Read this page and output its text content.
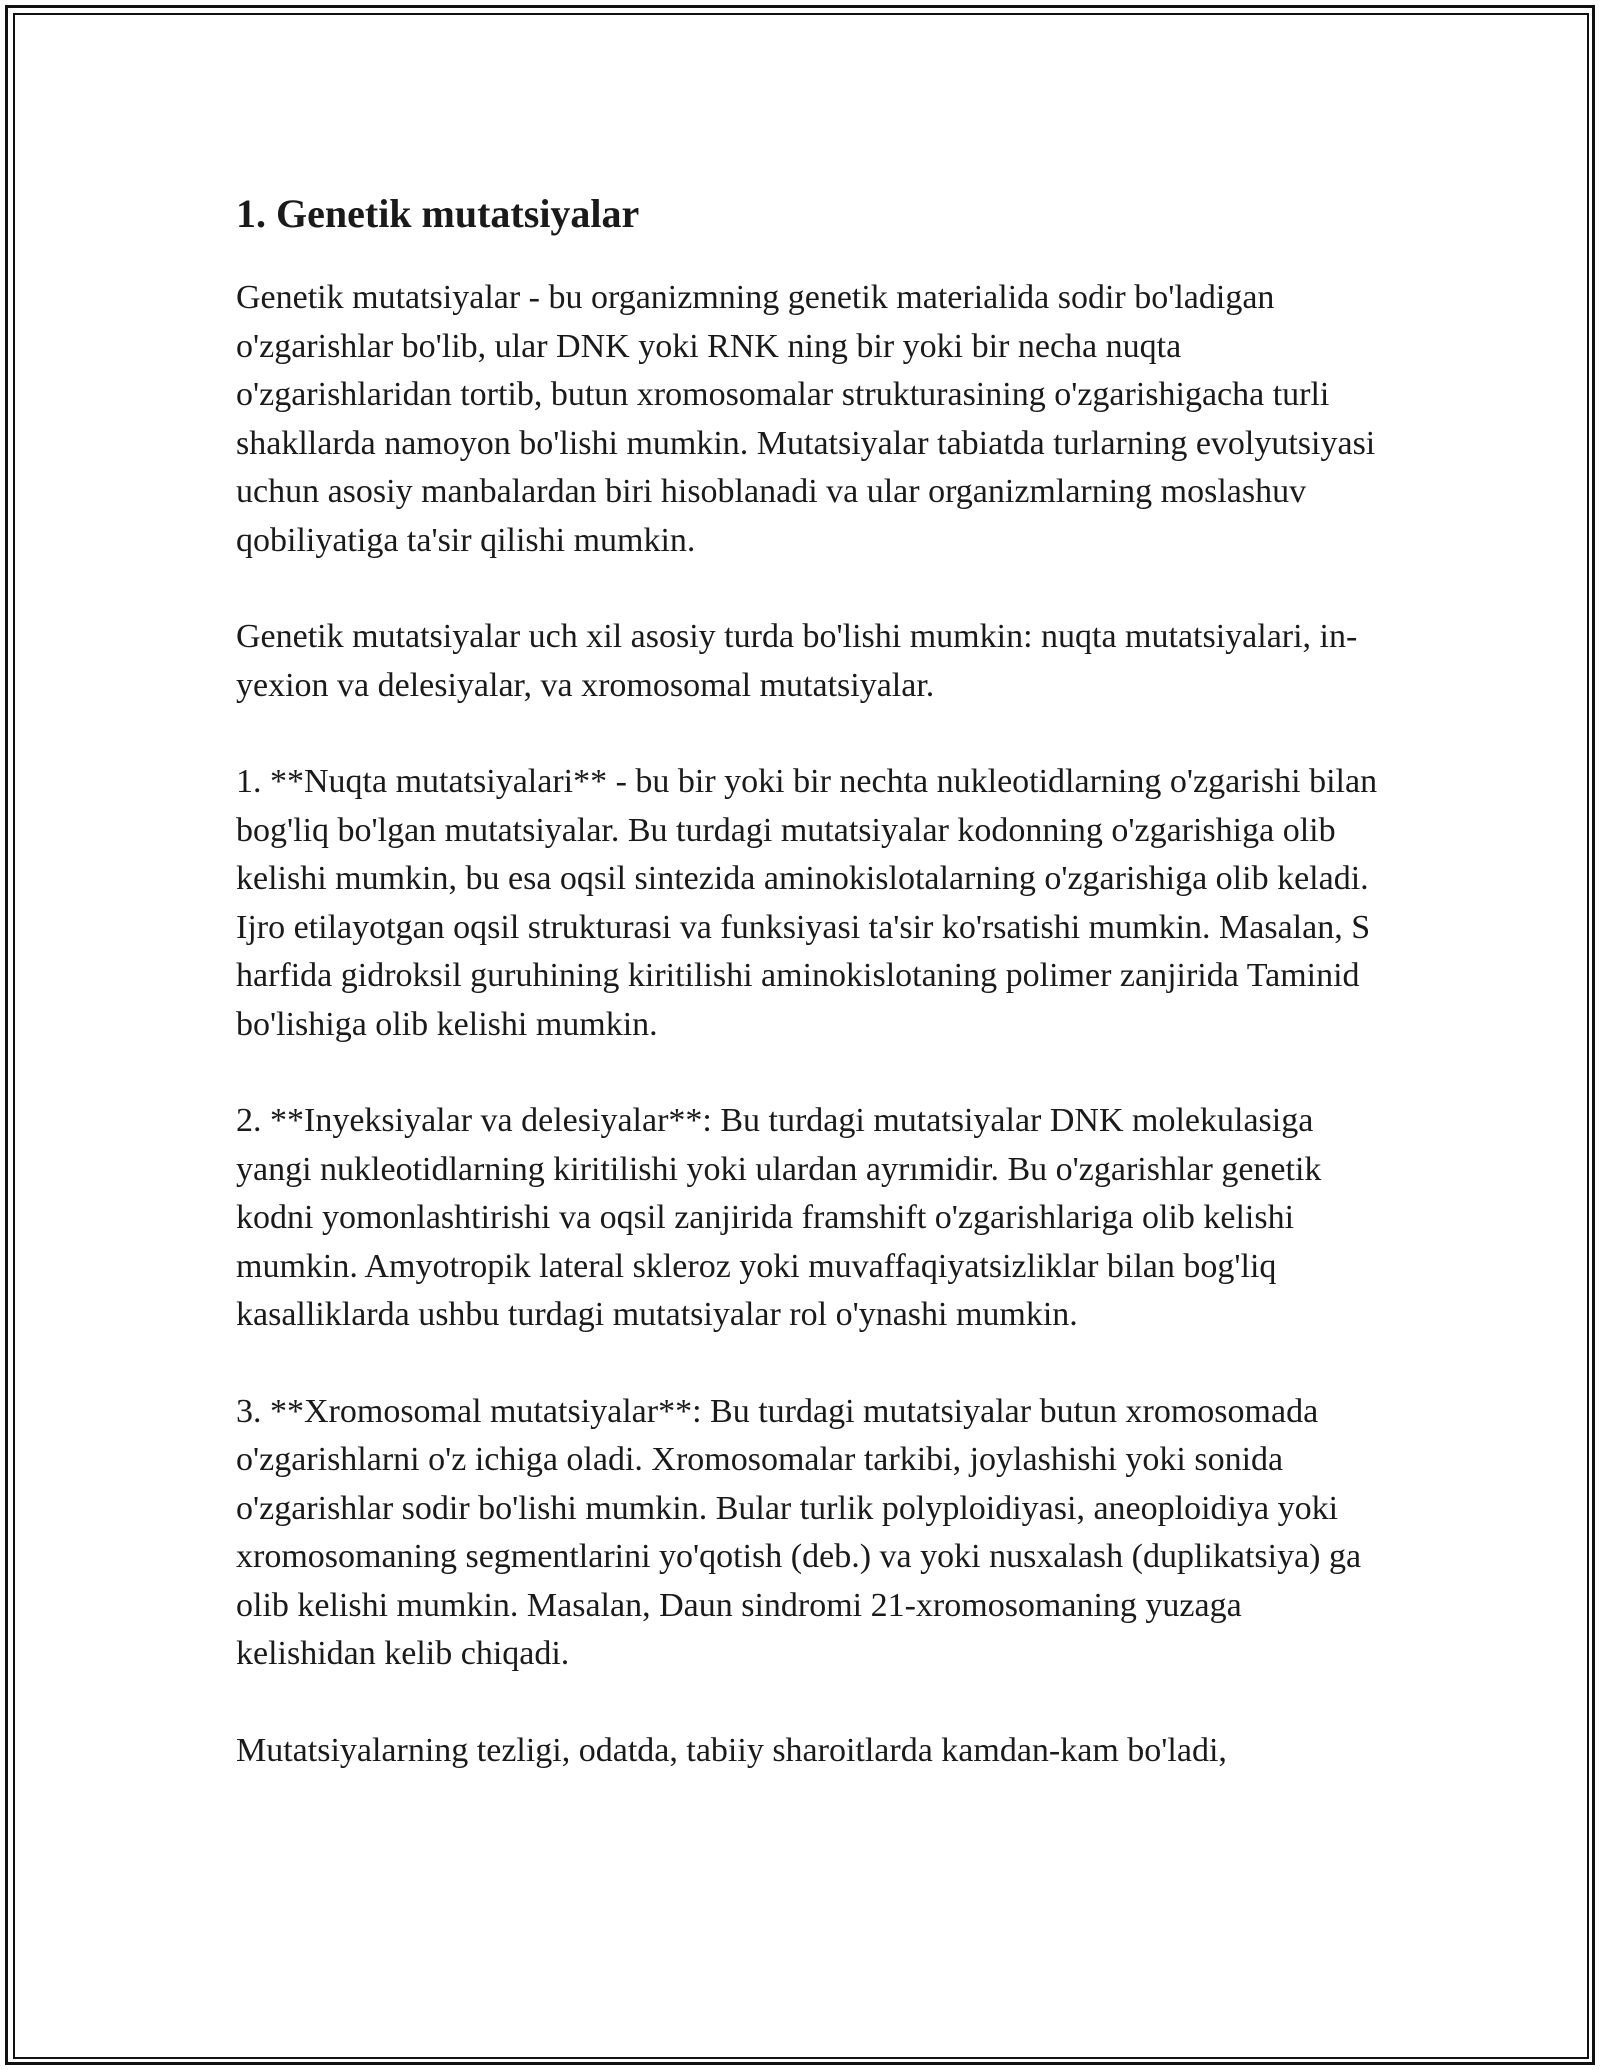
1. Genetik mutatsiyalar

Genetik mutatsiyalar - bu organizmning genetik materialida sodir bo'ladigan o'zgarishlar bo'lib, ular DNK yoki RNK ning bir yoki bir necha nuqta o'zgarishlaridan tortib, butun xromosomalar strukturasining o'zgarishigacha turli shakllarda namoyon bo'lishi mumkin. Mutatsiyalar tabiatda turlarning evolyutsiyasi uchun asosiy manbalardan biri hisoblanadi va ular organizmlarning moslashuv qobiliyatiga ta'sir qilishi mumkin.

Genetik mutatsiyalar uch xil asosiy turda bo'lishi mumkin: nuqta mutatsiyalari, in-yexion va delesiyalar, va xromosomal mutatsiyalar.

1. **Nuqta mutatsiyalari** - bu bir yoki bir nechta nukleotidlarning o'zgarishi bilan bog'liq bo'lgan mutatsiyalar. Bu turdagi mutatsiyalar kodonning o'zgarishiga olib kelishi mumkin, bu esa oqsil sintezida aminokislotalarning o'zgarishiga olib keladi. Ijro etilayotgan oqsil strukturasi va funksiyasi ta'sir ko'rsatishi mumkin. Masalan, S harfida gidroksil guruhining kiritilishi aminokislotaning polimer zanjirida Taminid bo'lishiga olib kelishi mumkin.

2. **Inyeksiyalar va delesiyalar**: Bu turdagi mutatsiyalar DNK molekulasiga yangi nukleotidlarning kiritilishi yoki ulardan ayrımidir. Bu o'zgarishlar genetik kodni yomonlashtirishi va oqsil zanjirida framshift o'zgarishlariga olib kelishi mumkin. Amyotropik lateral skleroz yoki muvaffaqiyatsizliklar bilan bog'liq kasalliklarda ushbu turdagi mutatsiyalar rol o'ynashi mumkin.

3. **Xromosomal mutatsiyalar**: Bu turdagi mutatsiyalar butun xromosomada o'zgarishlarni o'z ichiga oladi. Xromosomalar tarkibi, joylashishi yoki sonida o'zgarishlar sodir bo'lishi mumkin. Bular turlik polyploidiyasi, aneoploidiya yoki xromosomaning segmentlarini yo'qotish (deb.) va yoki nusxalash (duplikatsiya) ga olib kelishi mumkin. Masalan, Daun sindromi 21-xromosomaning yuzaga kelishidan kelib chiqadi.

Mutatsiyalarning tezligi, odatda, tabiiy sharoitlarda kamdan-kam bo'ladi,
